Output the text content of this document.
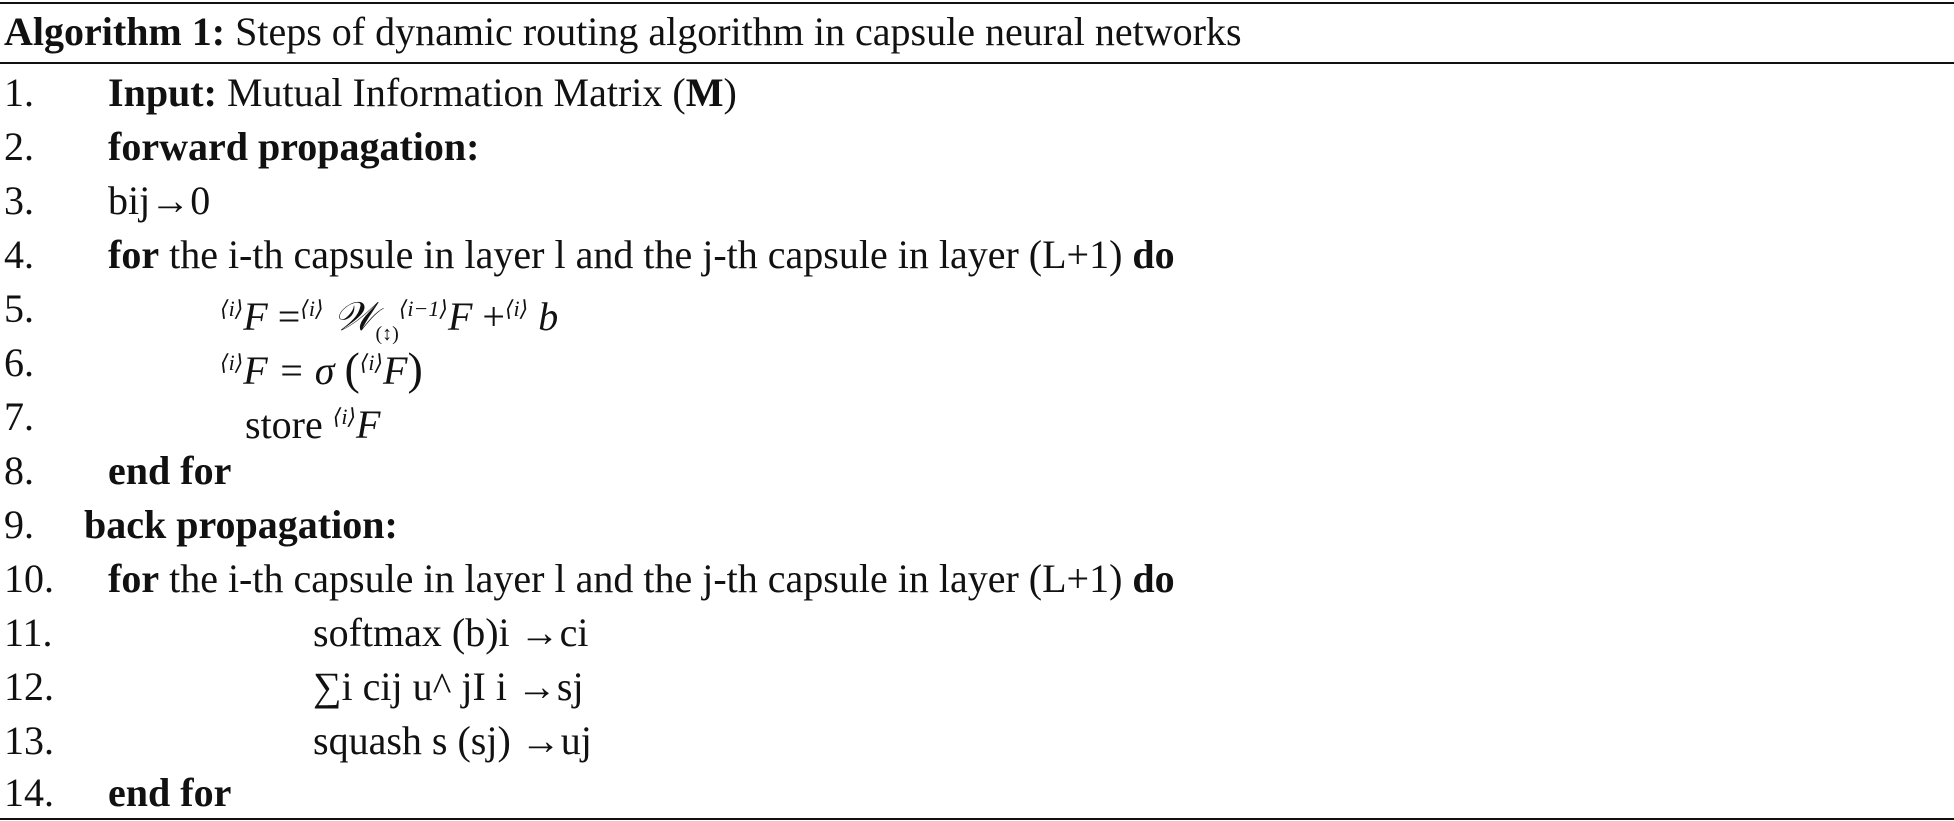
Algorithm 1: Steps of dynamic routing algorithm in capsule neural networks
1. Input: Mutual Information Matrix (M)
2. forward propagation:
3. bij→0
4. for the i-th capsule in layer l and the j-th capsule in layer (L+1) do
5.	$^{⟨i⟩}$F =$^{⟨i⟩}$ 𝒲$_{(↕)}^{⟨i-1⟩}$F +$^{⟨i⟩}$ b
6.	$^{⟨i⟩}$F = σ ($^{⟨i⟩}$F)
7.	store $^{⟨i⟩}$F
8. end for
9. back propagation:
10. for the i-th capsule in layer l and the j-th capsule in layer (L+1) do
11.	softmax (b)i →ci
12.	∑i cij u^ jI i →sj
13.	squash s (sj) →uj
14. end for
